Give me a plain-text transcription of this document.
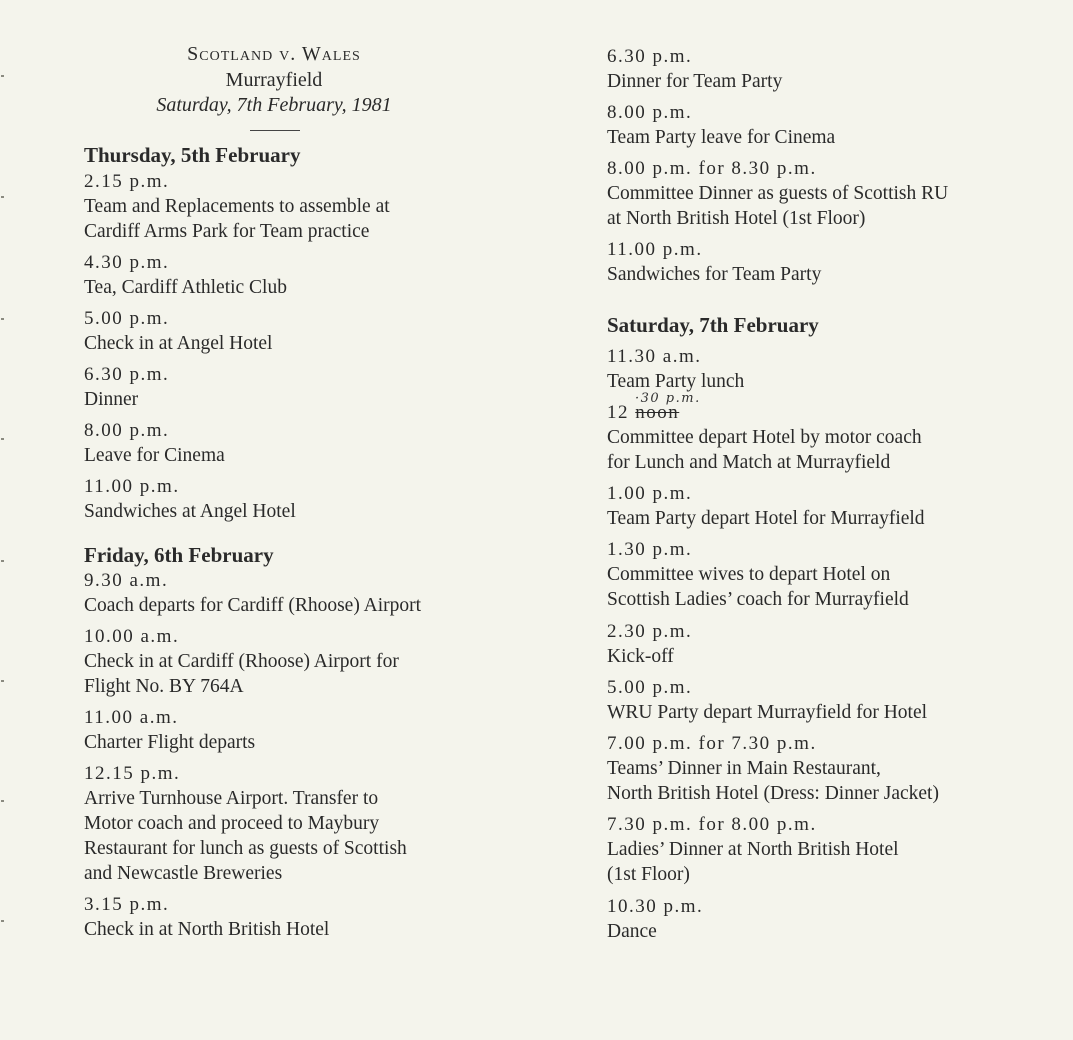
Scotland v. Wales
Murrayfield
Saturday, 7th February, 1981
Thursday, 5th February
2.15 p.m.
Team and Replacements to assemble at
Cardiff Arms Park for Team practice
4.30 p.m.
Tea, Cardiff Athletic Club
5.00 p.m.
Check in at Angel Hotel
6.30 p.m.
Dinner
8.00 p.m.
Leave for Cinema
11.00 p.m.
Sandwiches at Angel Hotel
Friday, 6th February
9.30 a.m.
Coach departs for Cardiff (Rhoose) Airport
10.00 a.m.
Check in at Cardiff (Rhoose) Airport for
Flight No. BY 764A
11.00 a.m.
Charter Flight departs
12.15 p.m.
Arrive Turnhouse Airport. Transfer to
Motor coach and proceed to Maybury
Restaurant for lunch as guests of Scottish
and Newcastle Breweries
3.15 p.m.
Check in at North British Hotel
6.30 p.m.
Dinner for Team Party
8.00 p.m.
Team Party leave for Cinema
8.00 p.m. for 8.30 p.m.
Committee Dinner as guests of Scottish RU
at North British Hotel (1st Floor)
11.00 p.m.
Sandwiches for Team Party
Saturday, 7th February
11.30 a.m.
Team Party lunch
12 noon
·30 p.m.
Committee depart Hotel by motor coach
for Lunch and Match at Murrayfield
1.00 p.m.
Team Party depart Hotel for Murrayfield
1.30 p.m.
Committee wives to depart Hotel on
Scottish Ladies’ coach for Murrayfield
2.30 p.m.
Kick-off
5.00 p.m.
WRU Party depart Murrayfield for Hotel
7.00 p.m. for 7.30 p.m.
Teams’ Dinner in Main Restaurant,
North British Hotel (Dress: Dinner Jacket)
7.30 p.m. for 8.00 p.m.
Ladies’ Dinner at North British Hotel
(1st Floor)
10.30 p.m.
Dance
